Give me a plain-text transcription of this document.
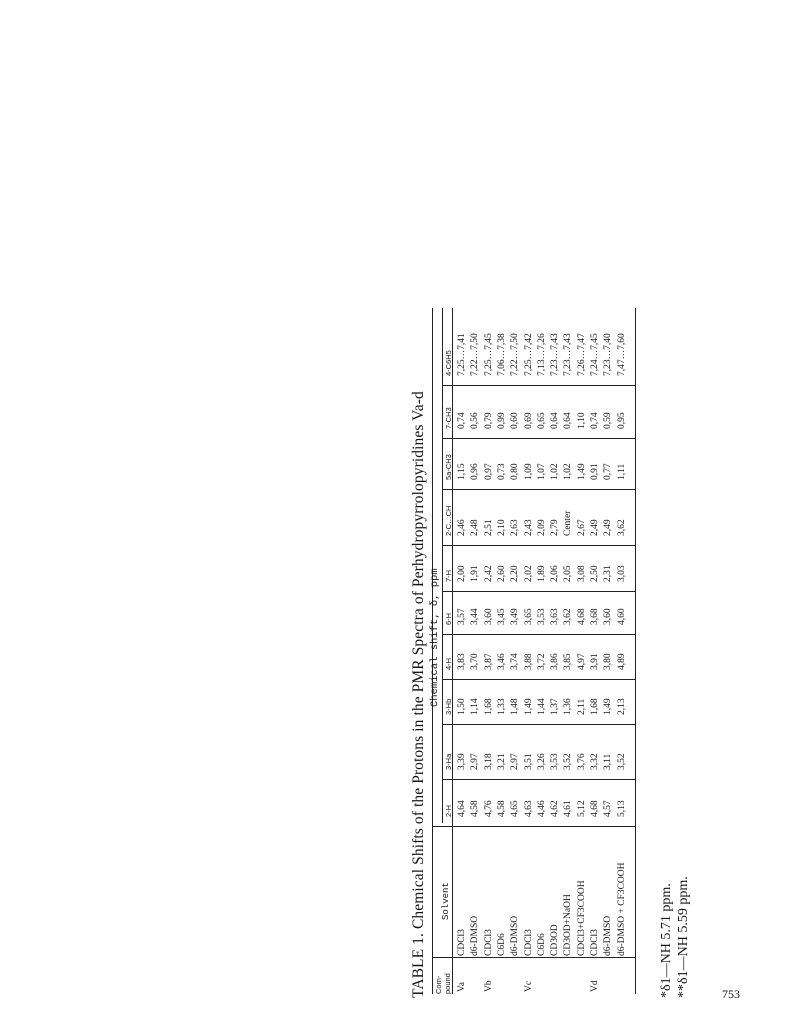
TABLE 1. Chemical Shifts of the Protons in the PMR Spectra of Perhydropyrrolopyridines Va-d Com- pound
Solvent
Chemical shift, δ, ppm
2-H
3-Ha
3-Hb
4-H
6-H
7-H
2-C…CH
5a-CH3
7-CH3
4-C6H5
Va
CDCl3
4,64
3,39
1,50
3,83
3,57
2,00
2,46
1,15
0,74
7,25…7,41
d6-DMSO
4,58
2,97
1,14
3,70
3,44
1,91
2,48
0,96
0,56
7,22…7,50
Vb
CDCl3
4,76
3,18
1,68
3,87
3,60
2,42
2,51
0,97
0,79
7,25…7,45
C6D6
4,58
3,21
1,33
3,46
3,45
2,60
2,10
0,73
0,99
7,06…7,38
d6-DMSO
4,65
2,97
1,48
3,74
3,49
2,20
2,63
0,80
0,60
7,22…7,50
Vc
CDCl3
4,63
3,51
1,49
3,88
3,65
2,02
2,43
1,09
0,69
7,25…7,42
C6D6
4,46
3,26
1,44
3,72
3,53
1,89
2,09
1,07
0,65
7,13…7,26
CD3OD
4,62
3,53
1,37
3,86
3,63
2,06
2,79
1,02
0,64
7,23…7,43
CD3OD+NaOH
4,61
3,52
1,36
3,85
3,62
2,05
Center
1,02
0,64
7,23…7,43
CDCl3+CF3COOH
5,12
3,76
2,11
4,97
4,68
3,08
2,67
1,49
1,10
7,26…7,47
Vd
CDCl3
4,68
3,32
1,68
3,91
3,68
2,50
2,49
0,91
0,74
7,24…7,45
d6-DMSO
4,57
3,11
1,49
3,80
3,60
2,31
2,49
0,77
0,59
7,23…7,40
d6-DMSO + CF3COOH
5,13
3,52
2,13
4,89
4,60
3,03
3,62
1,11
0,95
7,47…7,60
*δ1—NH 5.71 ppm. **δ1—NH 5.59 ppm.	753
